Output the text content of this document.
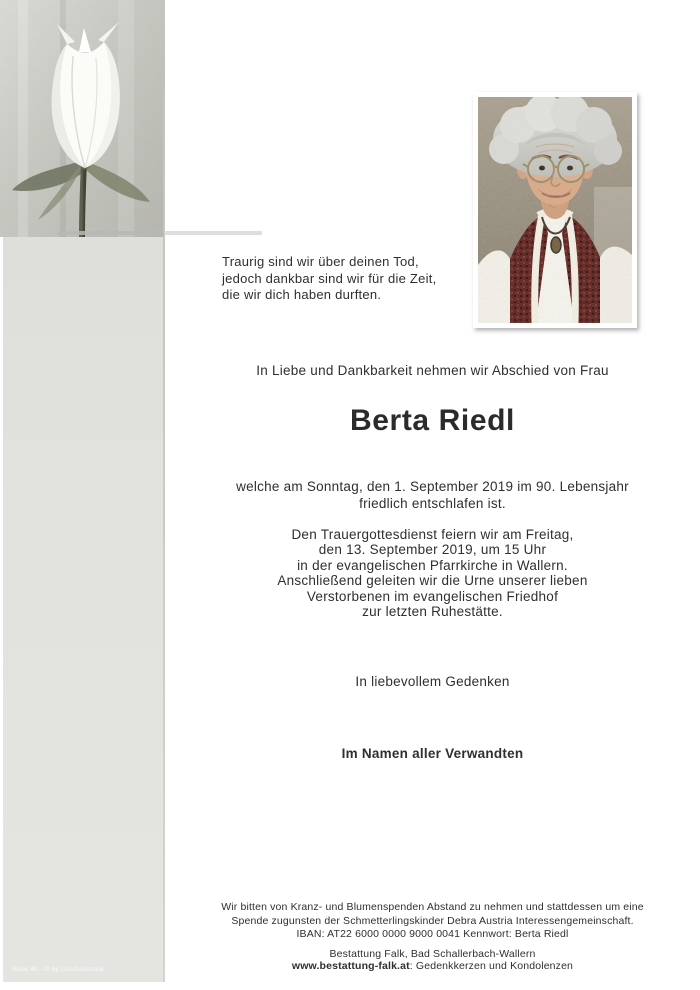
Rose 40 - © by Lösch/Austria
Traurig sind wir über deinen Tod,
jedoch dankbar sind wir für die Zeit,
die wir dich haben durften.
In Liebe und Dankbarkeit nehmen wir Abschied von Frau
Berta Riedl
welche am Sonntag, den 1. September 2019 im 90. Lebensjahr
friedlich entschlafen ist.
Den Trauergottesdienst feiern wir am Freitag,
den 13. September 2019, um 15 Uhr
in der evangelischen Pfarrkirche in Wallern.
Anschließend geleiten wir die Urne unserer lieben
Verstorbenen im evangelischen Friedhof
zur letzten Ruhestätte.
In liebevollem Gedenken
Im Namen aller Verwandten
Wir bitten von Kranz- und Blumenspenden Abstand zu nehmen und stattdessen um eine
Spende zugunsten der Schmetterlingskinder Debra Austria Interessengemeinschaft.
IBAN: AT22 6000 0000 9000 0041 Kennwort: Berta Riedl
Bestattung Falk, Bad Schallerbach-Wallern
www.bestattung-falk.at: Gedenkkerzen und Kondolenzen
